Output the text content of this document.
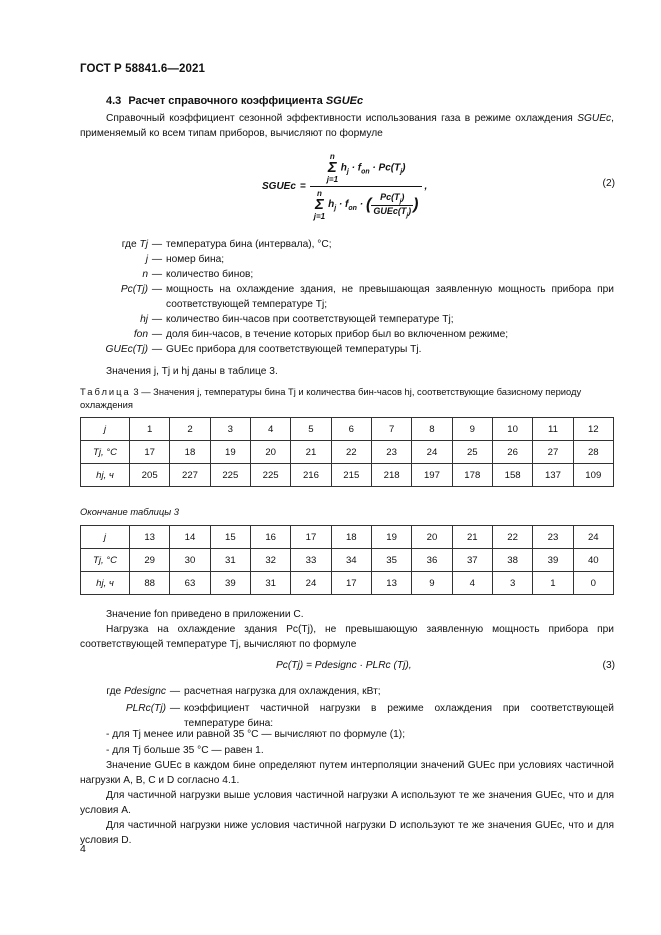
ГОСТ Р 58841.6—2021
4.3 Расчет справочного коэффициента SGUEc
Справочный коэффициент сезонной эффективности использования газа в режиме охлаждения SGUEc, применяемый ко всем типам приборов, вычисляют по формуле
SGUEc =
n
Σ
j=1
$h_j \cdot f_{on} \cdot Pc(T_j)$
n
Σ
j=1
$h_j \cdot f_{on}$ · ( $\frac{Pc(T_j)}{GUEc(T_j)}$ )
,	(2)
где Tj — температура бина (интервала), °C;
j — номер бина;
n — количество бинов;
Pc(Tj) — мощность на охлаждение здания, не превышающая заявленную мощность прибора при соответствующей температуре Tj;
hj — количество бин-часов при соответствующей температуре Tj;
fon — доля бин-часов, в течение которых прибор был во включенном режиме;
GUEc(Tj) — GUEc прибора для соответствующей температуры Tj.
Значения j, Tj и hj даны в таблице 3.
Таблица 3 — Значения j, температуры бина Tj и количества бин-часов hj, соответствующие базисному периоду охлаждения
j	1	2	3	4	5	6	7	8	9	10	11	12
Tj, °C	17	18	19	20	21	22	23	24	25	26	27	28
hj, ч	205	227	225	225	216	215	218	197	178	158	137	109
Окончание таблицы 3
j	13	14	15	16	17	18	19	20	21	22	23	24
Tj, °C	29	30	31	32	33	34	35	36	37	38	39	40
hj, ч	88	63	39	31	24	17	13	9	4	3	1	0
Значение fon приведено в приложении С.
Нагрузка на охлаждение здания Pc(Tj), не превышающую заявленную мощность прибора при соответствующей температуре Tj, вычисляют по формуле
Pc(Tj) = Pdesignc · PLRc (Tj),	(3)
где Pdesignc — расчетная нагрузка для охлаждения, кВт;
PLRc(Tj) — коэффициент частичной нагрузки в режиме охлаждения при соответствующей температуре бина:
- для Tj менее или равной 35 °C — вычисляют по формуле (1);
- для Tj больше 35 °C — равен 1.
Значение GUEc в каждом бине определяют путем интерполяции значений GUEc при условиях частичной нагрузки A, B, C и D согласно 4.1.
Для частичной нагрузки выше условия частичной нагрузки A используют те же значения GUEc, что и для условия A.
Для частичной нагрузки ниже условия частичной нагрузки D используют те же значения GUEc, что и для условия D.
4
